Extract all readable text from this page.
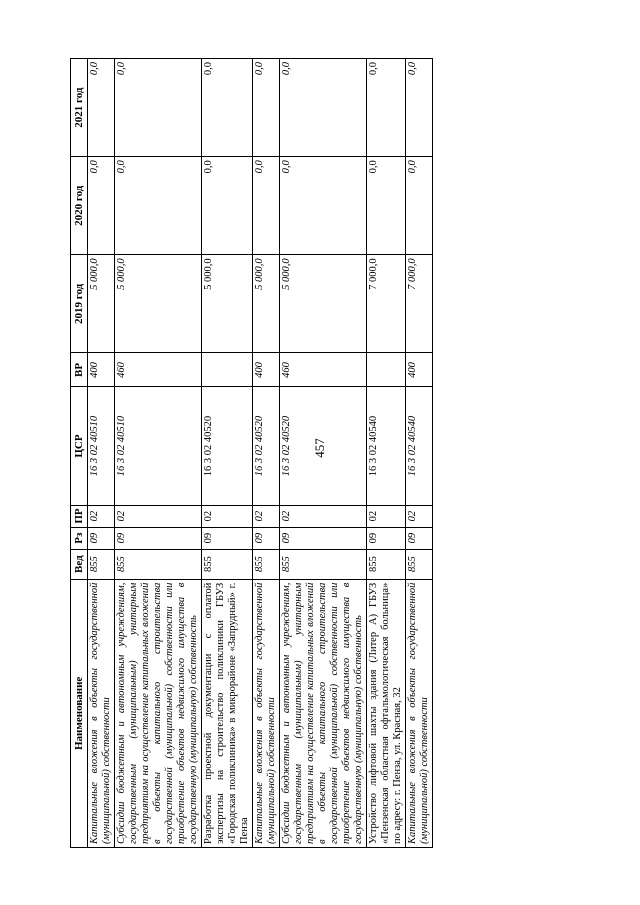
457
Наименование	Вед	Рз	ПР	ЦСР	ВР	2019 год	2020 год	2021 год
Капитальные вложения в объекты государственной (муниципальной) собственности	855	09	02	16 3 02 40510	400	5 000,0	0,0	0,0
Субсидии бюджетным и автономным учреждениям, государственным (муниципальным) унитарным предприятиям на осуществление капитальных вложений в объекты капитального строительства государственной (муниципальной) собственности или приобретение объектов недвижимого имущества в государственную (муниципальную) собственность	855	09	02	16 3 02 40510	460	5 000,0	0,0	0,0
Разработка проектной документации с оплатой экспертизы на строительство поликлиники ГБУЗ «Городская поликлиника» в микрорайоне «Запрудный» г. Пенза	855	09	02	16 3 02 40520		5 000,0	0,0	0,0
Капитальные вложения в объекты государственной (муниципальной) собственности	855	09	02	16 3 02 40520	400	5 000,0	0,0	0,0
Субсидии бюджетным и автономным учреждениям, государственным (муниципальным) унитарным предприятиям на осуществление капитальных вложений в объекты капитального строительства государственной (муниципальной) собственности или приобретение объектов недвижимого имущества в государственную (муниципальную) собственность	855	09	02	16 3 02 40520	460	5 000,0	0,0	0,0
Устройство лифтовой шахты здания (Литер А) ГБУЗ «Пензенская областная офтальмологическая больница» по адресу: г. Пенза, ул. Красная, 32	855	09	02	16 3 02 40540		7 000,0	0,0	0,0
Капитальные вложения в объекты государственной (муниципальной) собственности	855	09	02	16 3 02 40540	400	7 000,0	0,0	0,0
